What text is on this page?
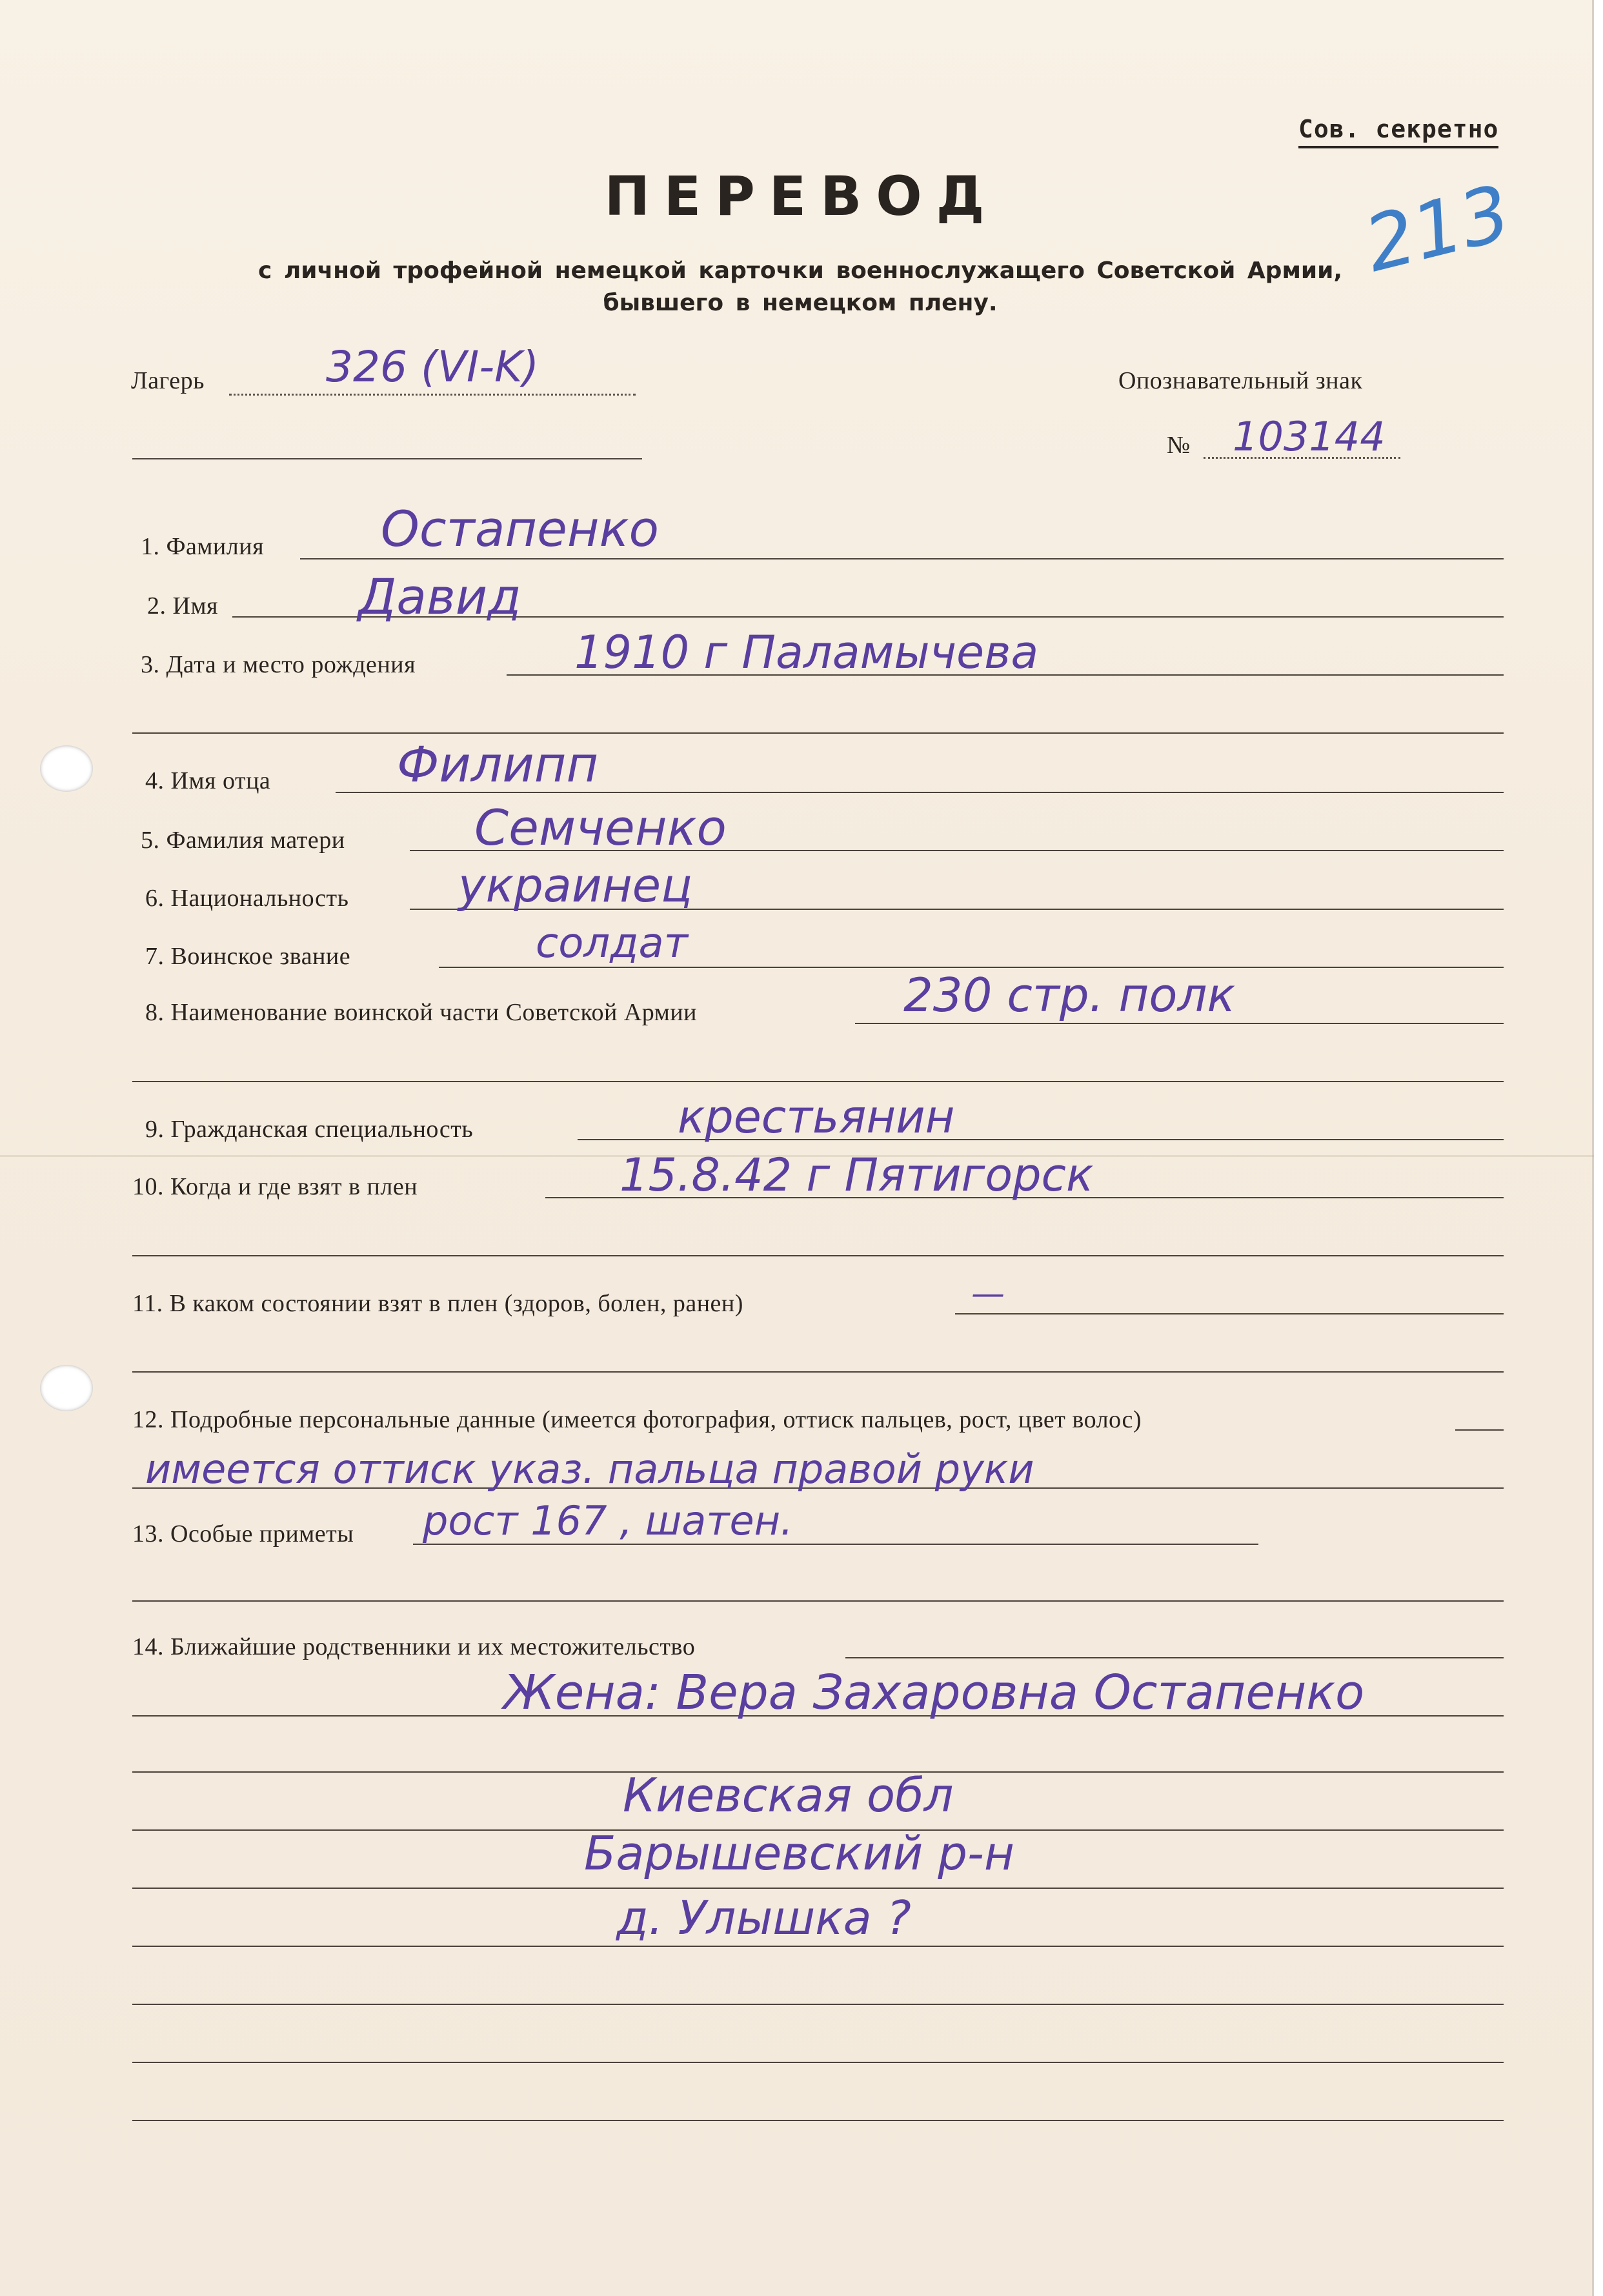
Сов. секретно
ПЕРЕВОД
с личной трофейной немецкой карточки военнослужащего Советской Армии,
бывшего в немецком плену.
213
Лагерь	326 (VI-K)	Опознавательный знак
№ 103144
1. Фамилия Остапенко
2. Имя	Давид
3. Дата и место рождения	1910 г Паламычева
4. Имя отца	Филипп
5. Фамилия матери	Семченко
6. Национальность украинец
7. Воинское звание	солдат
8. Наименование воинской части Советской Армии	230 стр. полк
9. Гражданская специальность	крестьянин
10. Когда и где взят в плен	15.8.42 г Пятигорск
11. В каком состоянии взят в плен (здоров, болен, ранен)	—
12. Подробные персональные данные (имеется фотография, оттиск пальцев, рост, цвет волос)
имеется оттиск указ. пальца правой руки
13. Особые приметы рост 167 , шатен.
14. Ближайшие родственники и их местожительство
Жена: Вера Захаровна Остапенко
Киевская обл
Барышевский р-н
д. Улышка ?
